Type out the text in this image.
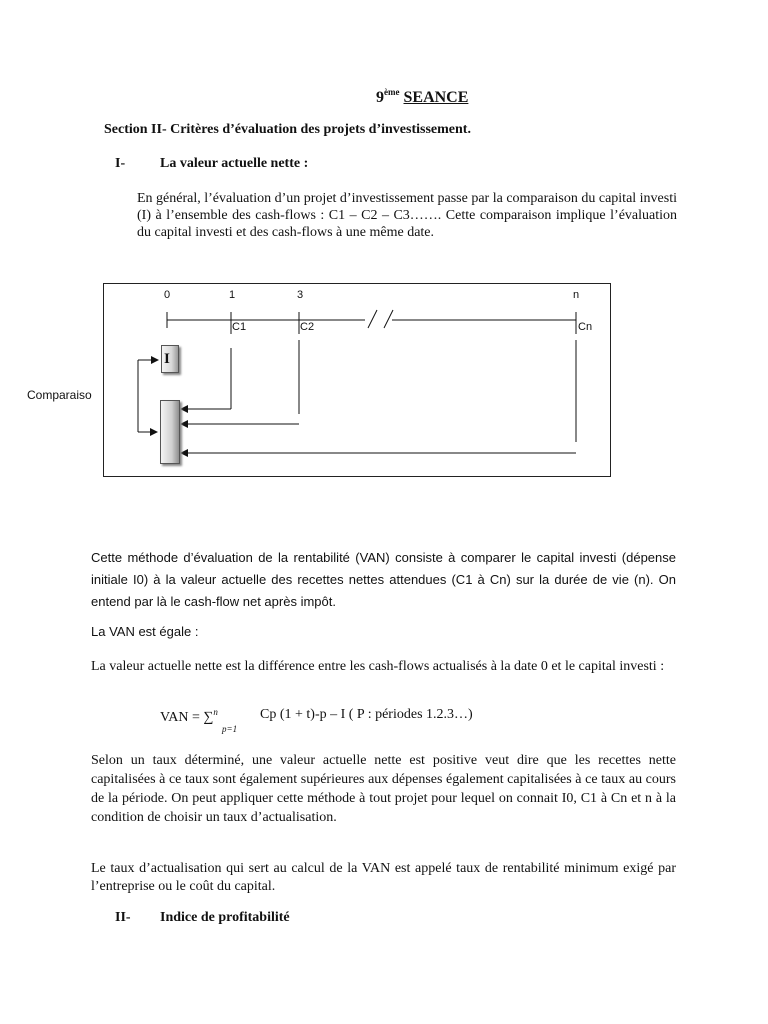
9ème SEANCE
Section II- Critères d’évaluation des projets d’investissement.
I- La valeur actuelle nette :
En général, l’évaluation d’un projet d’investissement passe par la comparaison du capital investi (I) à l’ensemble des cash-flows : C1 – C2 – C3……. Cette comparaison implique l’évaluation du capital investi et des cash-flows à une même date.
0	1	3	n
C1	C2	Cn
I
Comparaiso
Cette méthode d’évaluation de la rentabilité (VAN) consiste à comparer le capital investi (dépense initiale I0) à la valeur actuelle des recettes nettes attendues (C1 à Cn) sur la durée de vie (n). On entend par là le cash-flow net après impôt.
La VAN est égale :
La valeur actuelle nette est la différence entre les cash-flows actualisés à la date 0 et le capital investi :
VAN = ∑$^n$
p=1
Cp (1 + t)-p – I ( P : périodes 1.2.3…)
Selon un taux déterminé, une valeur actuelle nette est positive veut dire que les recettes nette capitalisées à ce taux sont également supérieures aux dépenses également capitalisées à ce taux au cours de la période. On peut appliquer cette méthode à tout projet pour lequel on connait I0, C1 à Cn et n à la condition de choisir un taux d’actualisation.
Le taux d’actualisation qui sert au calcul de la VAN est appelé taux de rentabilité minimum exigé par l’entreprise ou le coût du capital.
II- Indice de profitabilité
